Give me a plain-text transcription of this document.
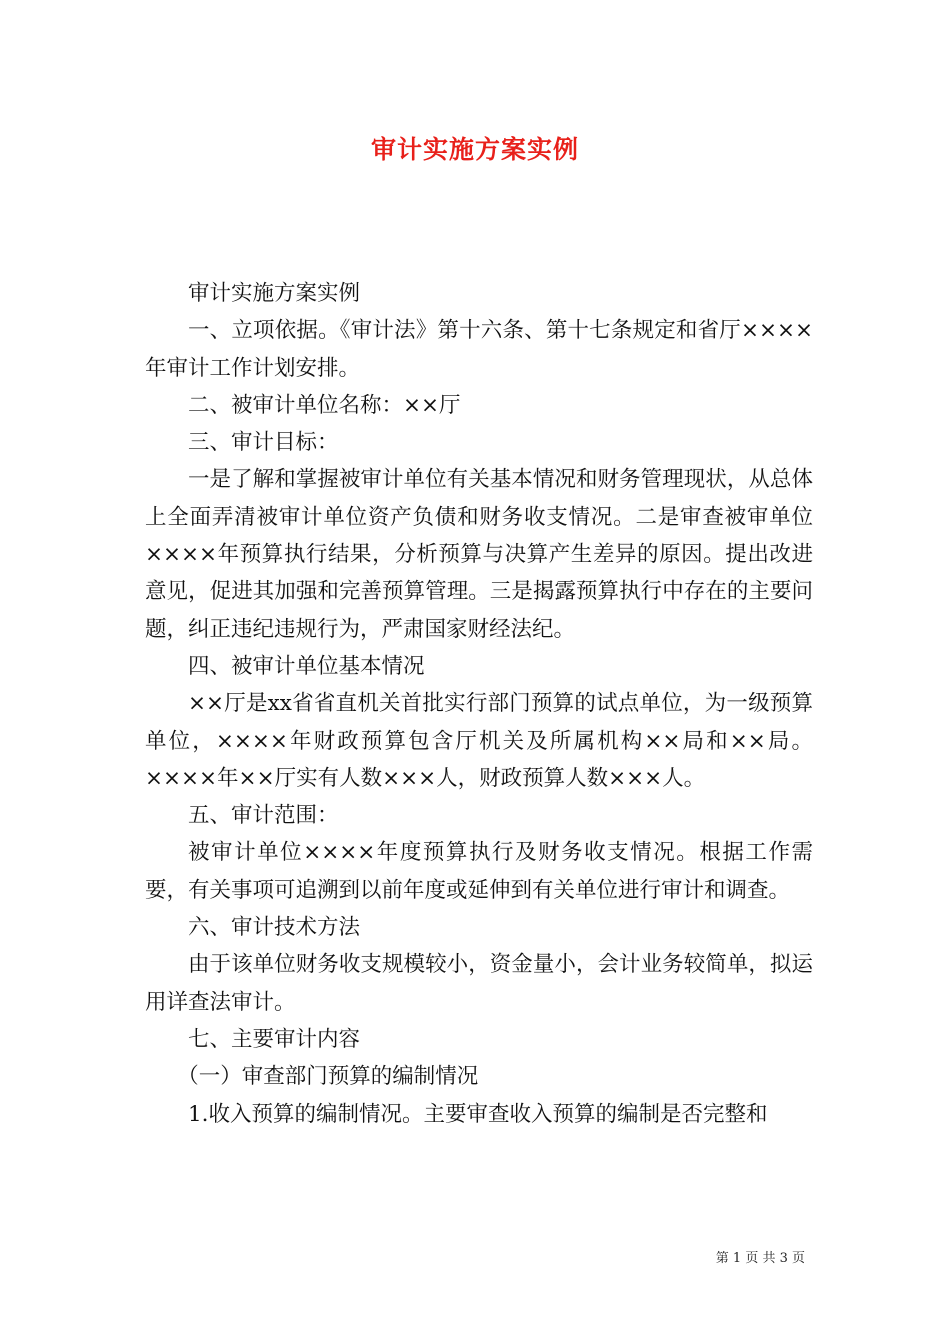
审计实施方案实例

审计实施方案实例

一、立项依据。《审计法》第十六条、第十七条规定和省厅××××年审计工作计划安排。

二、被审计单位名称：××厅

三、审计目标：

一是了解和掌握被审计单位有关基本情况和财务管理现状，从总体上全面弄清被审计单位资产负债和财务收支情况。二是审查被审单位××××年预算执行结果，分析预算与决算产生差异的原因。提出改进意见，促进其加强和完善预算管理。三是揭露预算执行中存在的主要问题，纠正违纪违规行为，严肃国家财经法纪。

四、被审计单位基本情况

××厅是xx省省直机关首批实行部门预算的试点单位，为一级预算单位，××××年财政预算包含厅机关及所属机构××局和××局。××××年××厅实有人数×××人，财政预算人数×××人。

五、审计范围：

被审计单位××××年度预算执行及财务收支情况。根据工作需要，有关事项可追溯到以前年度或延伸到有关单位进行审计和调查。

六、审计技术方法

由于该单位财务收支规模较小，资金量小，会计业务较简单，拟运用详查法审计。

七、主要审计内容

（一）审查部门预算的编制情况

1.收入预算的编制情况。主要审查收入预算的编制是否完整和

第 1 页 共 3 页
